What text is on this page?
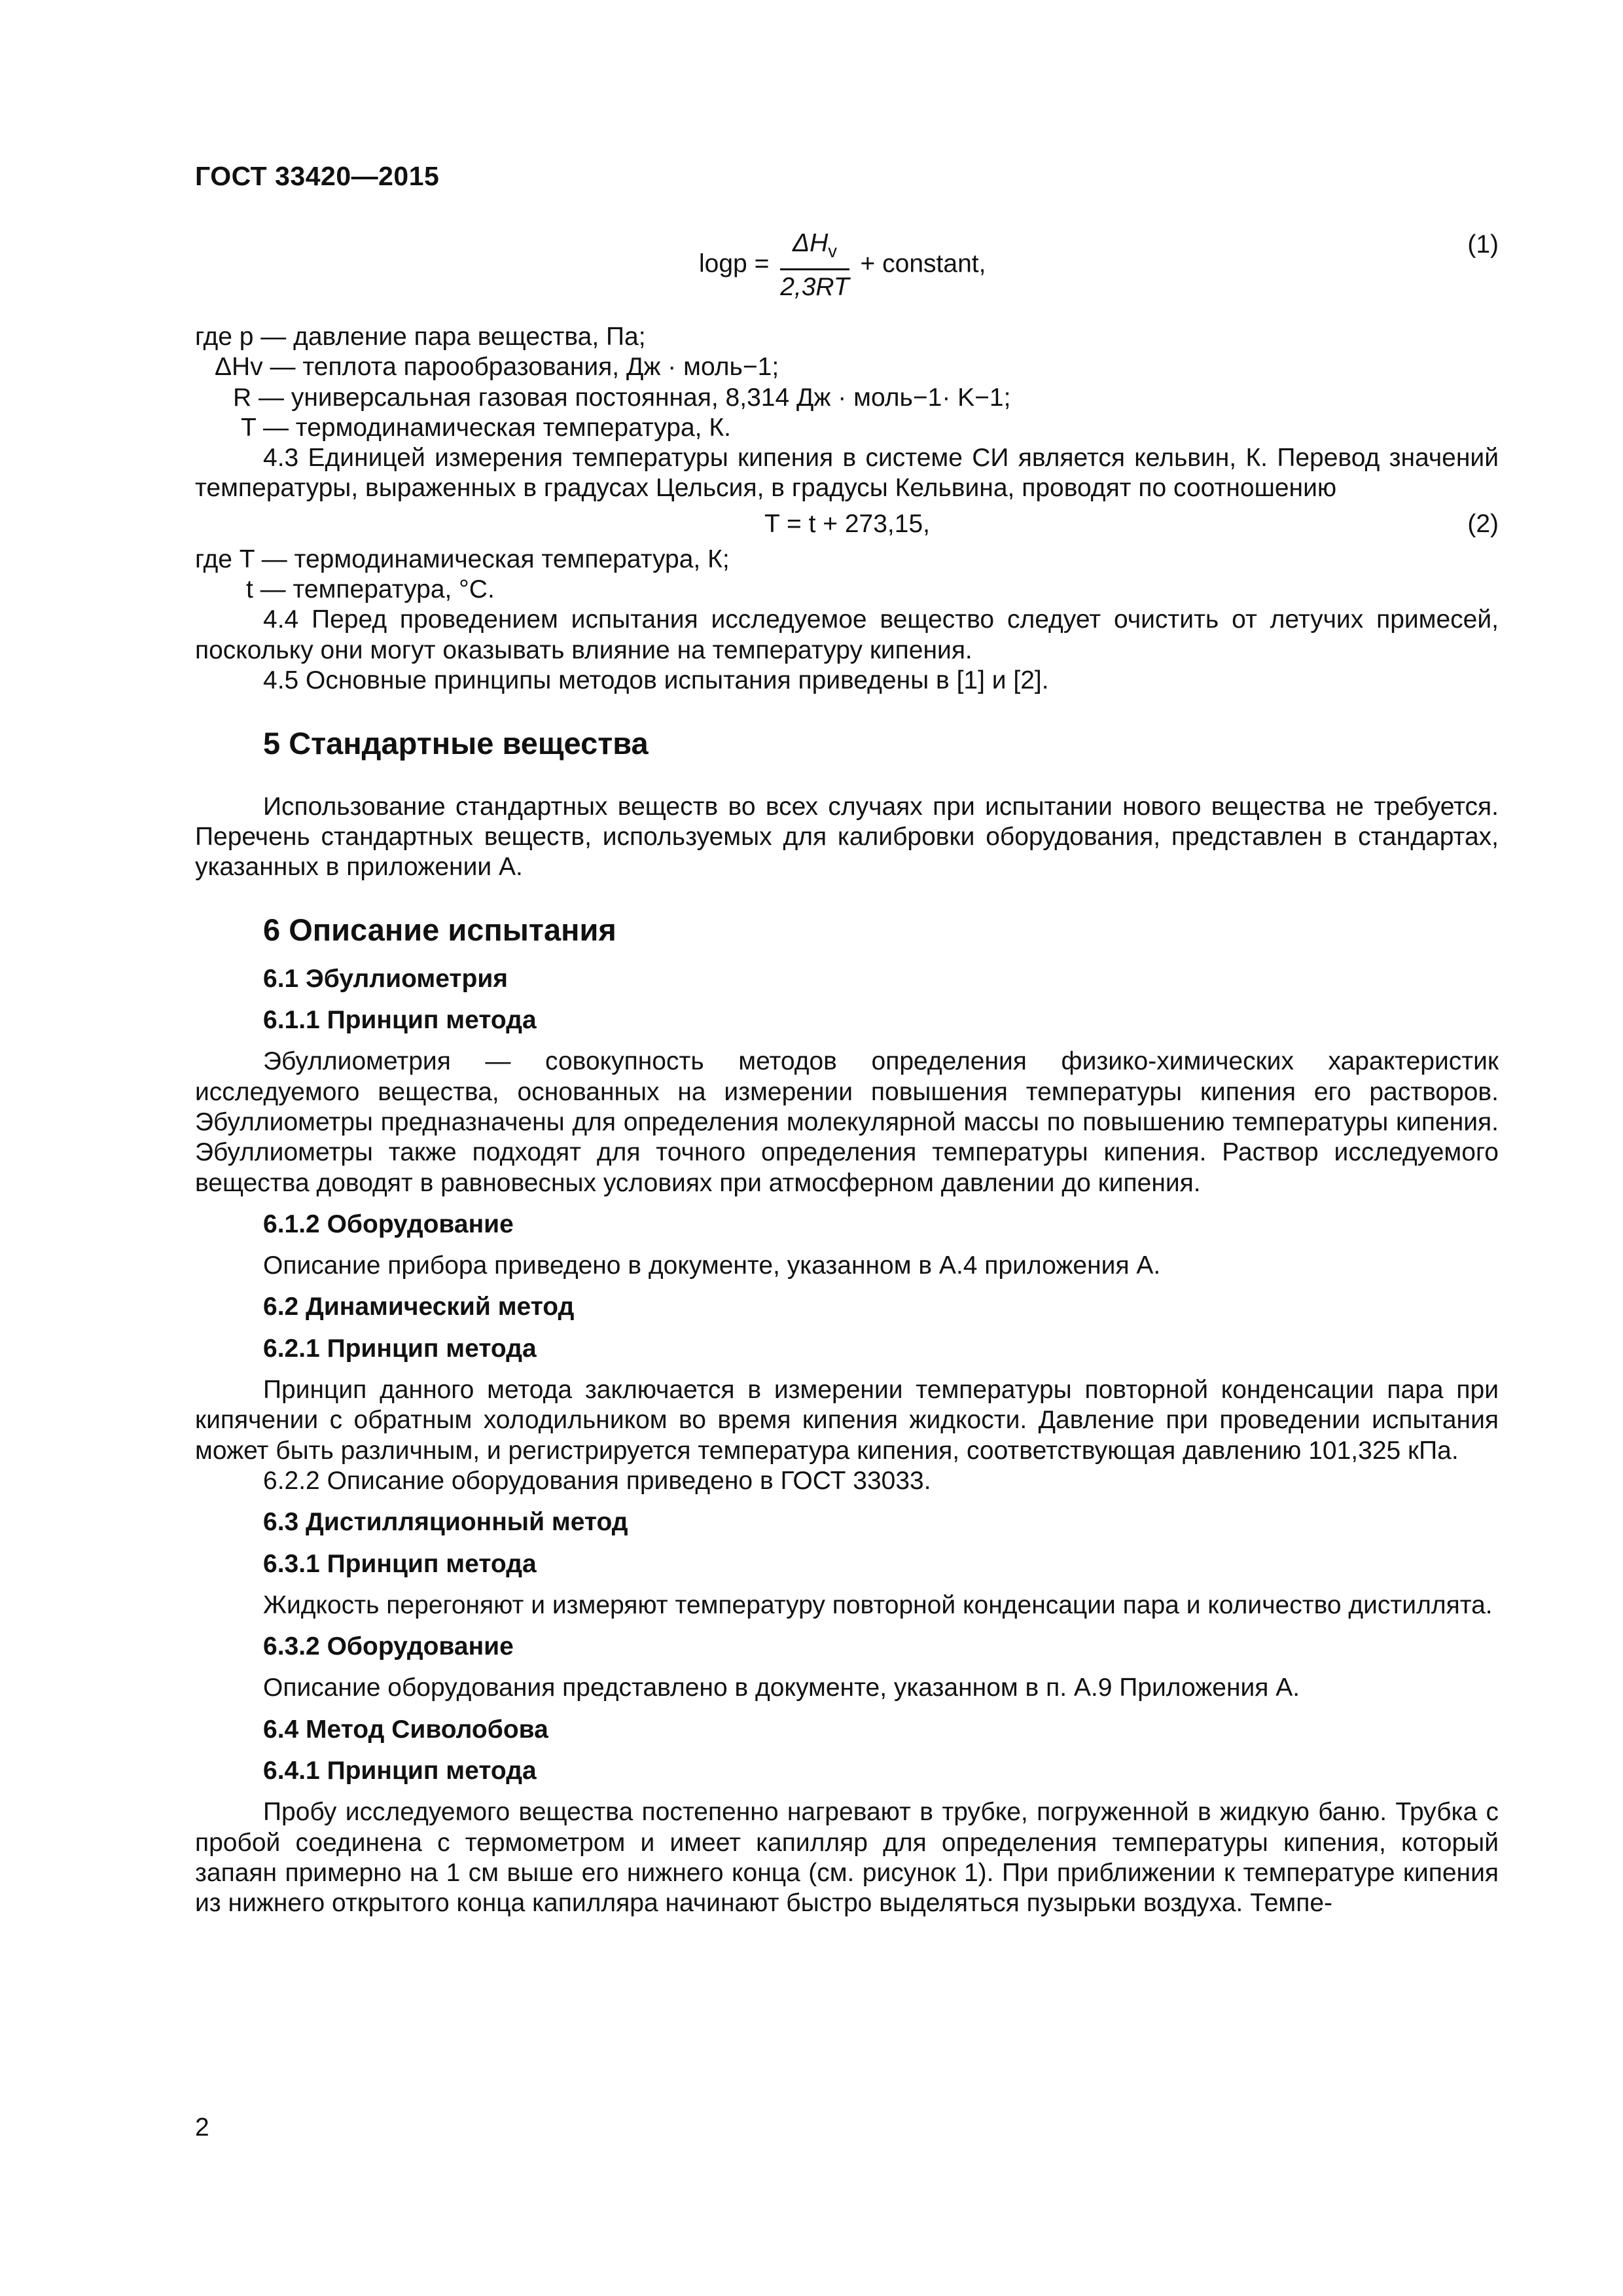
ГОСТ 33420—2015
$\log p = \frac{\Delta H_v}{2,3RT}$ + constant,
(1)

где p — давление пара вещества, Па;

ΔHv — теплота парообразования, Дж · моль−1;

R — универсальная газовая постоянная, 8,314 Дж · моль−1· K−1;

T — термодинамическая температура, К.

4.3 Единицей измерения температуры кипения в системе СИ является кельвин, К. Перевод значений температуры, выраженных в градусах Цельсия, в градусы Кельвина, проводят по соотношению

T = t + 273,15,	(2)

где T — термодинамическая температура, К;

t — температура, °С.

4.4 Перед проведением испытания исследуемое вещество следует очистить от летучих примесей, поскольку они могут оказывать влияние на температуру кипения.

4.5 Основные принципы методов испытания приведены в [1] и [2].

5 Стандартные вещества

Использование стандартных веществ во всех случаях при испытании нового вещества не требуется. Перечень стандартных веществ, используемых для калибровки оборудования, представлен в стандартах, указанных в приложении А.

6 Описание испытания

6.1 Эбуллиометрия

6.1.1 Принцип метода

Эбуллиометрия — совокупность методов определения физико-химических характеристик исследуемого вещества, основанных на измерении повышения температуры кипения его растворов. Эбуллиометры предназначены для определения молекулярной массы по повышению температуры кипения. Эбуллиометры также подходят для точного определения температуры кипения. Раствор исследуемого вещества доводят в равновесных условиях при атмосферном давлении до кипения.

6.1.2 Оборудование

Описание прибора приведено в документе, указанном в А.4 приложения А.

6.2 Динамический метод

6.2.1 Принцип метода

Принцип данного метода заключается в измерении температуры повторной конденсации пара при кипячении с обратным холодильником во время кипения жидкости. Давление при проведении испытания может быть различным, и регистрируется температура кипения, соответствующая давлению 101,325 кПа.

6.2.2 Описание оборудования приведено в ГОСТ 33033.

6.3 Дистилляционный метод

6.3.1 Принцип метода

Жидкость перегоняют и измеряют температуру повторной конденсации пара и количество дистиллята.

6.3.2 Оборудование

Описание оборудования представлено в документе, указанном в п. А.9 Приложения А.

6.4 Метод Сиволобова

6.4.1 Принцип метода

Пробу исследуемого вещества постепенно нагревают в трубке, погруженной в жидкую баню. Трубка с пробой соединена с термометром и имеет капилляр для определения температуры кипения, который запаян примерно на 1 см выше его нижнего конца (см. рисунок 1). При приближении к температуре кипения из нижнего открытого конца капилляра начинают быстро выделяться пузырьки воздуха. Темпе-

2
